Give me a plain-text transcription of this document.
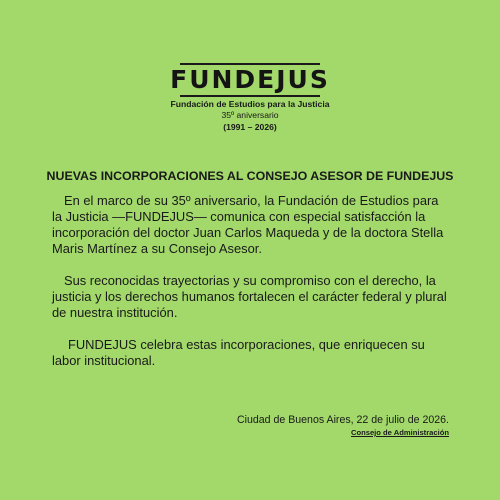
FUNDEJUS
Fundación de Estudios para la Justicia
35º aniversario
(1991 – 2026)
NUEVAS INCORPORACIONES AL CONSEJO ASESOR DE FUNDEJUS

En el marco de su 35º aniversario, la Fundación de Estudios para la Justicia —FUNDEJUS— comunica con especial satisfacción la incorporación del doctor Juan Carlos Maqueda y de la doctora Stella Maris Martínez a su Consejo Asesor.

Sus reconocidas trayectorias y su compromiso con el derecho, la justicia y los derechos humanos fortalecen el carácter federal y plural de nuestra institución.

FUNDEJUS celebra estas incorporaciones, que enriquecen su labor institucional.

Ciudad de Buenos Aires, 22 de julio de 2026.
Consejo de Administración
